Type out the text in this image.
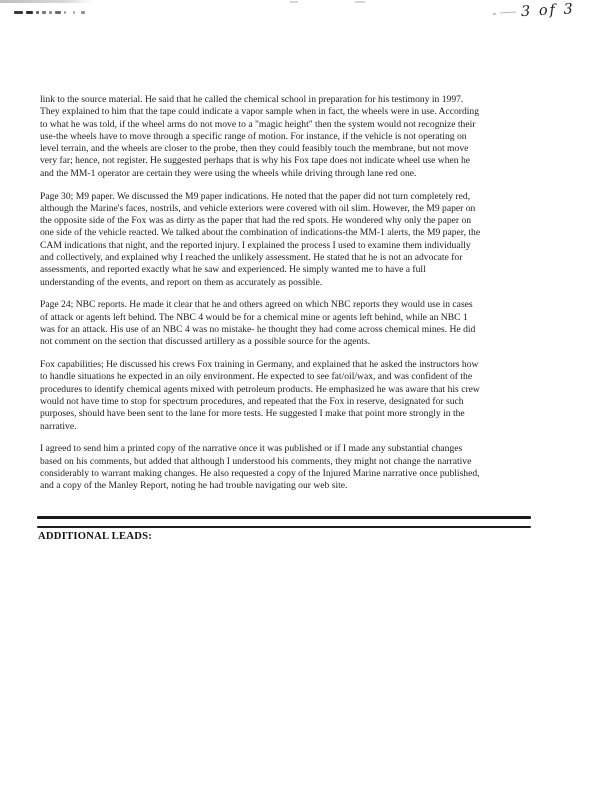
3 of 3
link to the source material. He said that he called the chemical school in preparation for his testimony in 1997.
They explained to him that the tape could indicate a vapor sample when in fact, the wheels were in use. According
to what he was told, if the wheel arms do not move to a "magic height" then the system would not recognize their
use-the wheels have to move through a specific range of motion. For instance, if the vehicle is not operating on
level terrain, and the wheels are closer to the probe, then they could feasibly touch the membrane, but not move
very far; hence, not register. He suggested perhaps that is why his Fox tape does not indicate wheel use when he
and the MM-1 operator are certain they were using the wheels while driving through lane red one.
Page 30; M9 paper. We discussed the M9 paper indications. He noted that the paper did not turn completely red,
although the Marine's faces, nostrils, and vehicle exteriors were covered with oil slim. However, the M9 paper on
the opposite side of the Fox was as dirty as the paper that had the red spots. He wondered why only the paper on
one side of the vehicle reacted. We talked about the combination of indications-the MM-1 alerts, the M9 paper, the
CAM indications that night, and the reported injury. I explained the process I used to examine them individually
and collectively, and explained why I reached the unlikely assessment. He stated that he is not an advocate for
assessments, and reported exactly what he saw and experienced. He simply wanted me to have a full
understanding of the events, and report on them as accurately as possible.
Page 24; NBC reports. He made it clear that he and others agreed on which NBC reports they would use in cases
of attack or agents left behind. The NBC 4 would be for a chemical mine or agents left behind, while an NBC 1
was for an attack. His use of an NBC 4 was no mistake- he thought they had come across chemical mines. He did
not comment on the section that discussed artillery as a possible source for the agents.
Fox capabilities; He discussed his crews Fox training in Germany, and explained that he asked the instructors how
to handle situations he expected in an oily environment. He expected to see fat/oil/wax, and was confident of the
procedures to identify chemical agents mixed with petroleum products. He emphasized he was aware that his crew
would not have time to stop for spectrum procedures, and repeated that the Fox in reserve, designated for such
purposes, should have been sent to the lane for more tests. He suggested I make that point more strongly in the
narrative.
I agreed to send him a printed copy of the narrative once it was published or if I made any substantial changes
based on his comments, but added that although I understood his comments, they might not change the narrative
considerably to warrant making changes. He also requested a copy of the Injured Marine narrative once published,
and a copy of the Manley Report, noting he had trouble navigating our web site.
ADDITIONAL LEADS:
